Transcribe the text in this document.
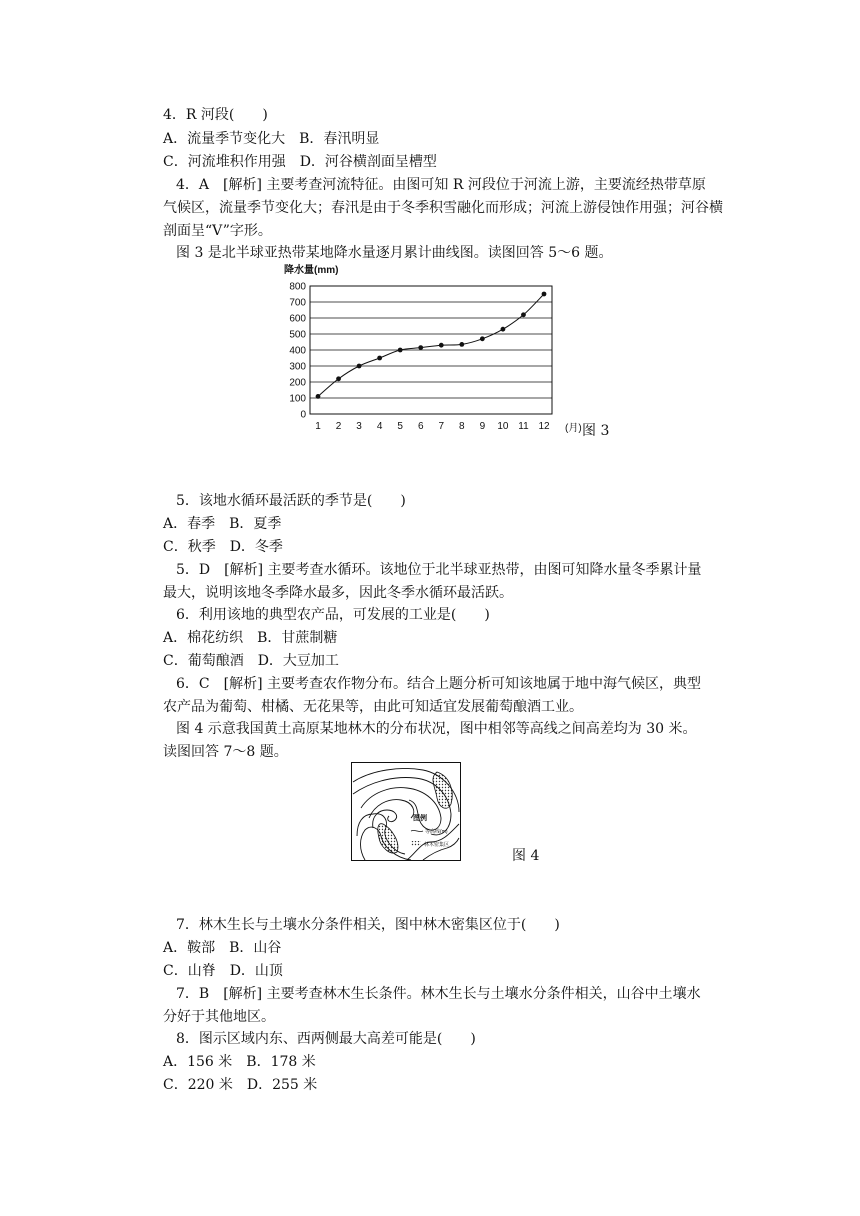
4．R 河段(　　)
A．流量季节变化大　B．春汛明显
C．河流堆积作用强　D．河谷横剖面呈槽型
4．A　[解析] 主要考查河流特征。由图可知 R 河段位于河流上游，主要流经热带草原
气候区，流量季节变化大；春汛是由于冬季积雪融化而形成；河流上游侵蚀作用强；河谷横
剖面呈“V”字形。
图 3 是北半球亚热带某地降水量逐月累计曲线图。读图回答 5～6 题。
降水量(mm)
0
100
200
300
400
500
600
700
800
1 2 3 4 5 6 7 8 9 10 11 12 (月) 图 3
5．该地水循环最活跃的季节是(　　)
A．春季　B．夏季
C．秋季　D．冬季
5．D　[解析] 主要考查水循环。该地位于北半球亚热带，由图可知降水量冬季累计量
最大，说明该地冬季降水最多，因此冬季水循环最活跃。
6．利用该地的典型农产品，可发展的工业是(　　)
A．棉花纺织　B．甘蔗制糖
C．葡萄酿酒　D．大豆加工
6．C　[解析] 主要考查农作物分布。结合上题分析可知该地属于地中海气候区，典型
农产品为葡萄、柑橘、无花果等，由此可知适宜发展葡萄酿酒工业。
图 4 示意我国黄土高原某地林木的分布状况，图中相邻等高线之间高差均为 30 米。
读图回答 7～8 题。
图例
等高线(m)
林木密集区
图 4
7．林木生长与土壤水分条件相关，图中林木密集区位于(　　)
A．鞍部　B．山谷
C．山脊　D．山顶
7．B　[解析] 主要考查林木生长条件。林木生长与土壤水分条件相关，山谷中土壤水
分好于其他地区。
8．图示区域内东、西两侧最大高差可能是(　　)
A．156 米　B．178 米
C．220 米　D．255 米
